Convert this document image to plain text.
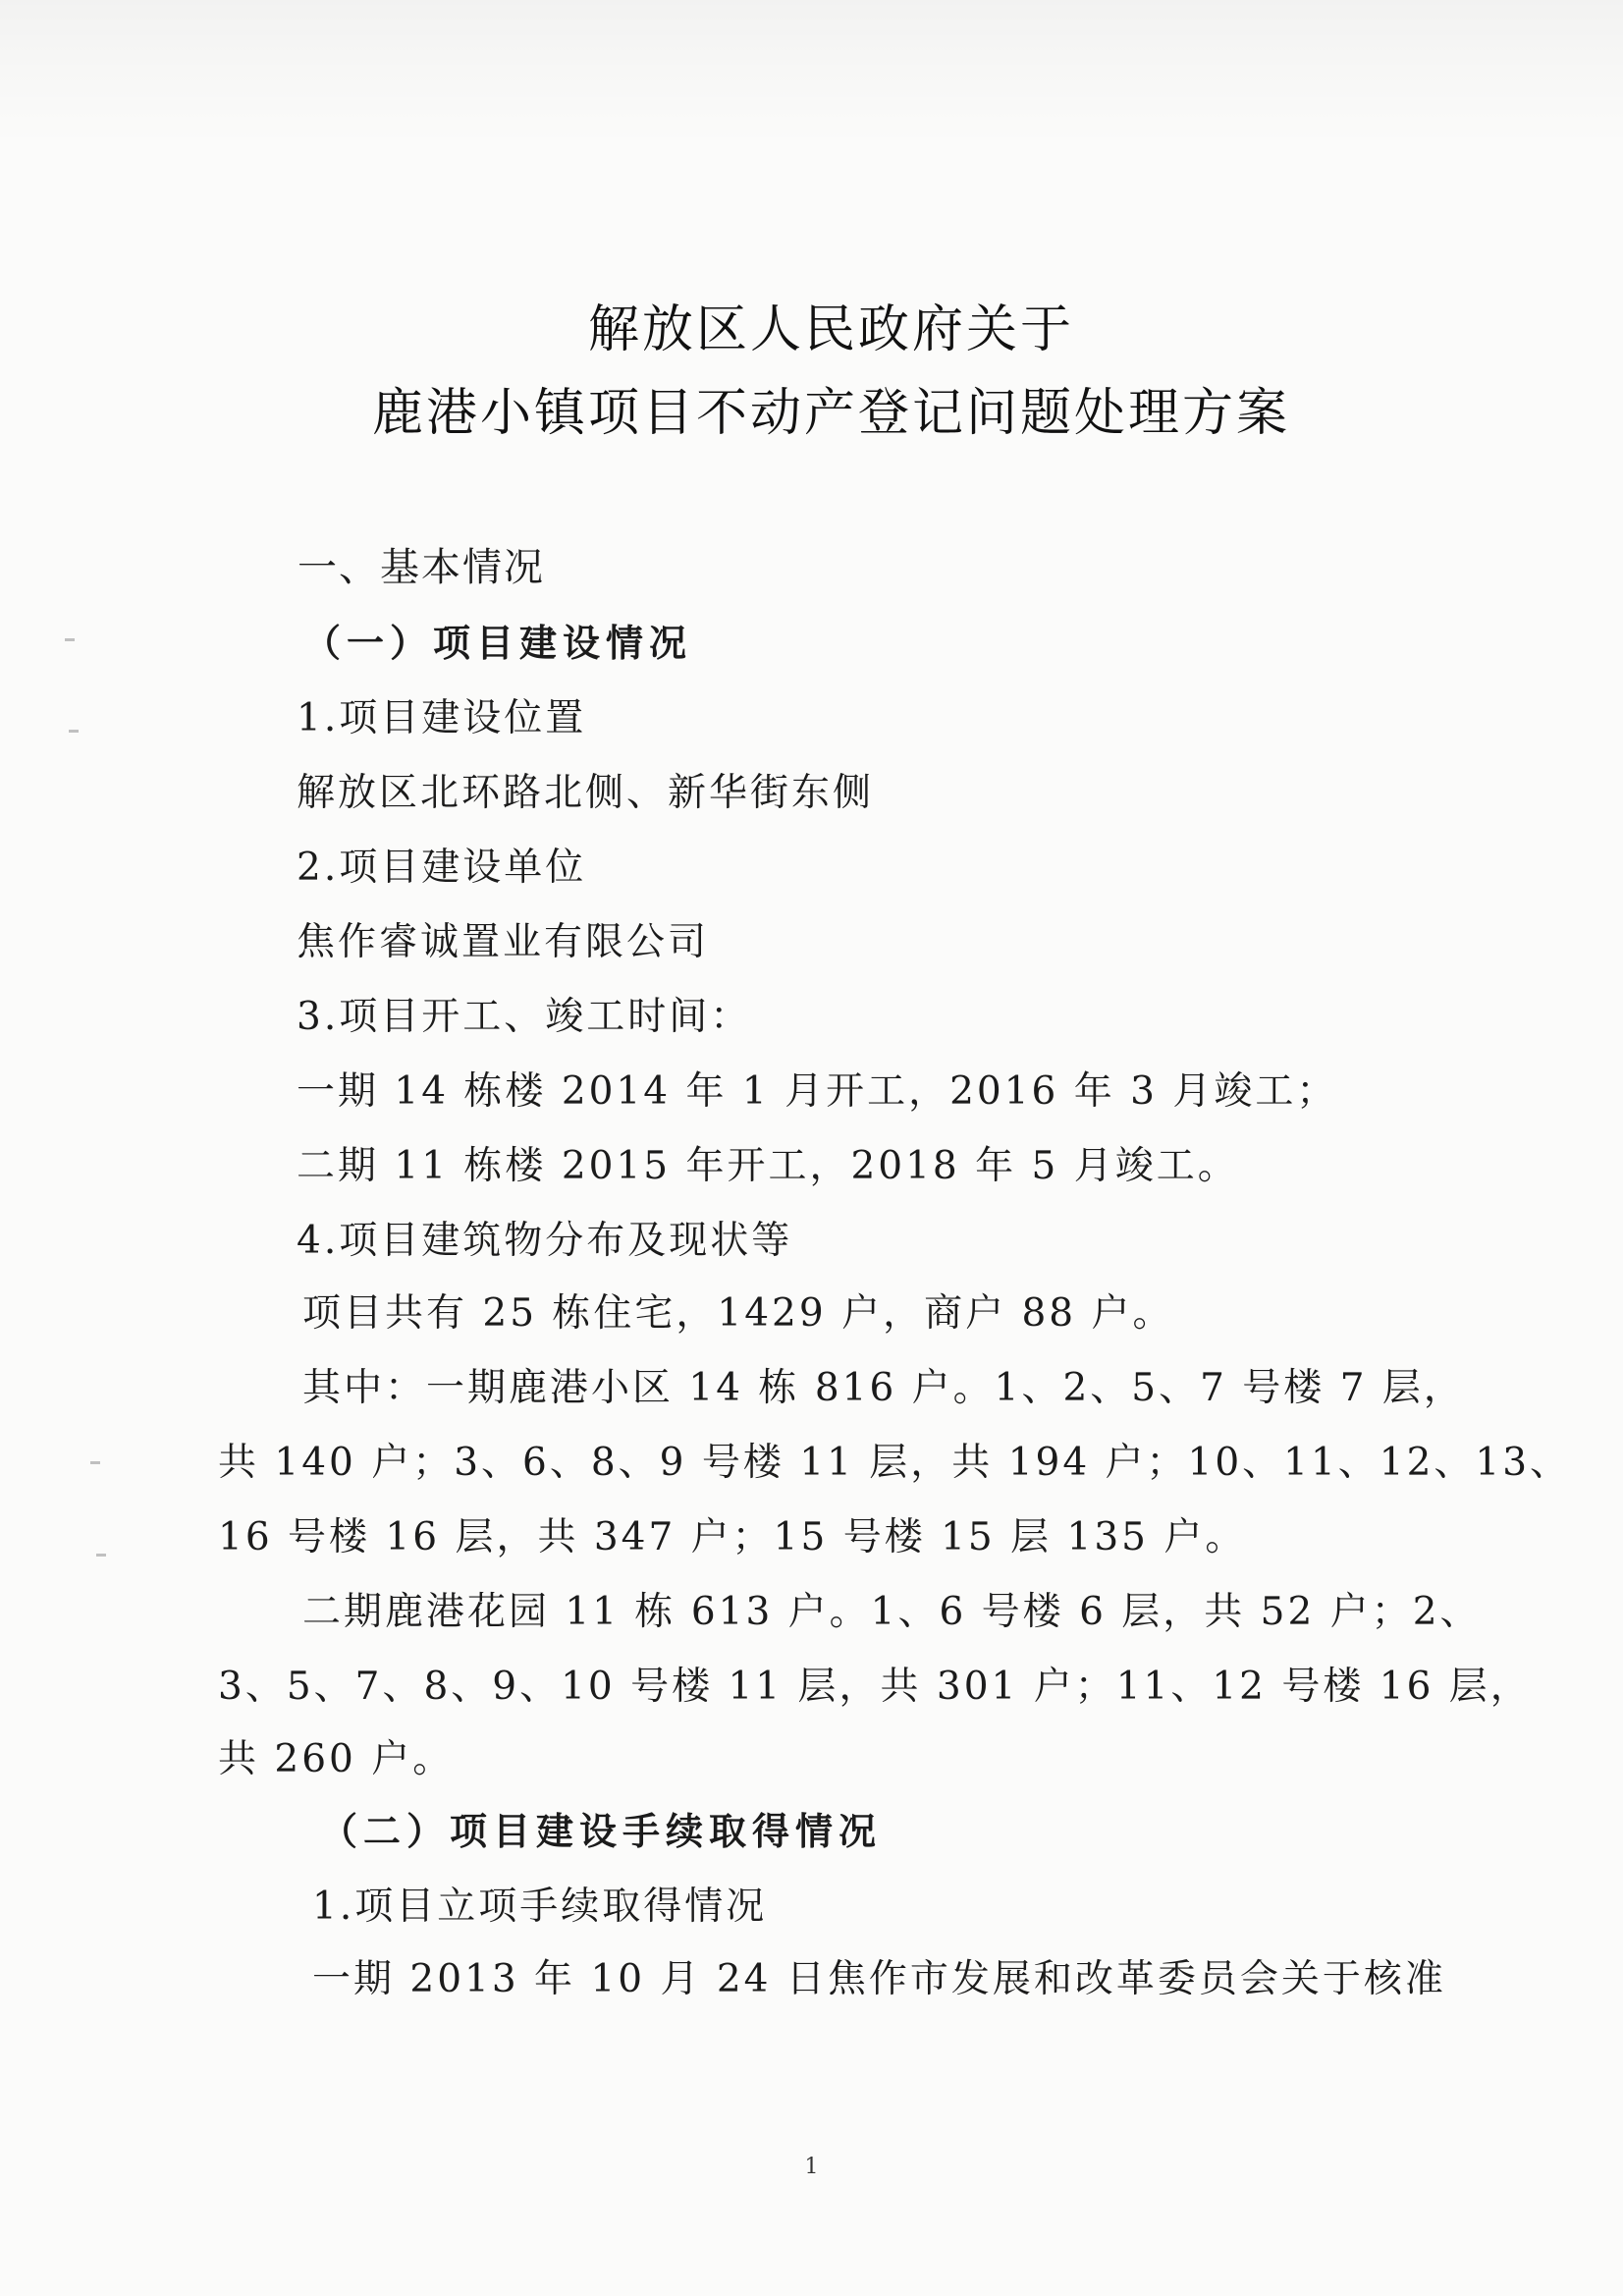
解放区人民政府关于
鹿港小镇项目不动产登记问题处理方案
一、基本情况
（一）项目建设情况
1.项目建设位置
解放区北环路北侧、新华街东侧
2.项目建设单位
焦作睿诚置业有限公司
3.项目开工、竣工时间：
一期 14 栋楼 2014 年 1 月开工，2016 年 3 月竣工；
二期 11 栋楼 2015 年开工，2018 年 5 月竣工。
4.项目建筑物分布及现状等
项目共有 25 栋住宅，1429 户，商户 88 户。
其中：一期鹿港小区 14 栋 816 户。1、2、5、7 号楼 7 层，
共 140 户；3、6、8、9 号楼 11 层，共 194 户；10、11、12、13、
16 号楼 16 层，共 347 户；15 号楼 15 层 135 户。
二期鹿港花园 11 栋 613 户。1、6 号楼 6 层，共 52 户；2、
3、5、7、8、9、10 号楼 11 层，共 301 户；11、12 号楼 16 层，
共 260 户。
（二）项目建设手续取得情况
1.项目立项手续取得情况
一期 2013 年 10 月 24 日焦作市发展和改革委员会关于核准
1
